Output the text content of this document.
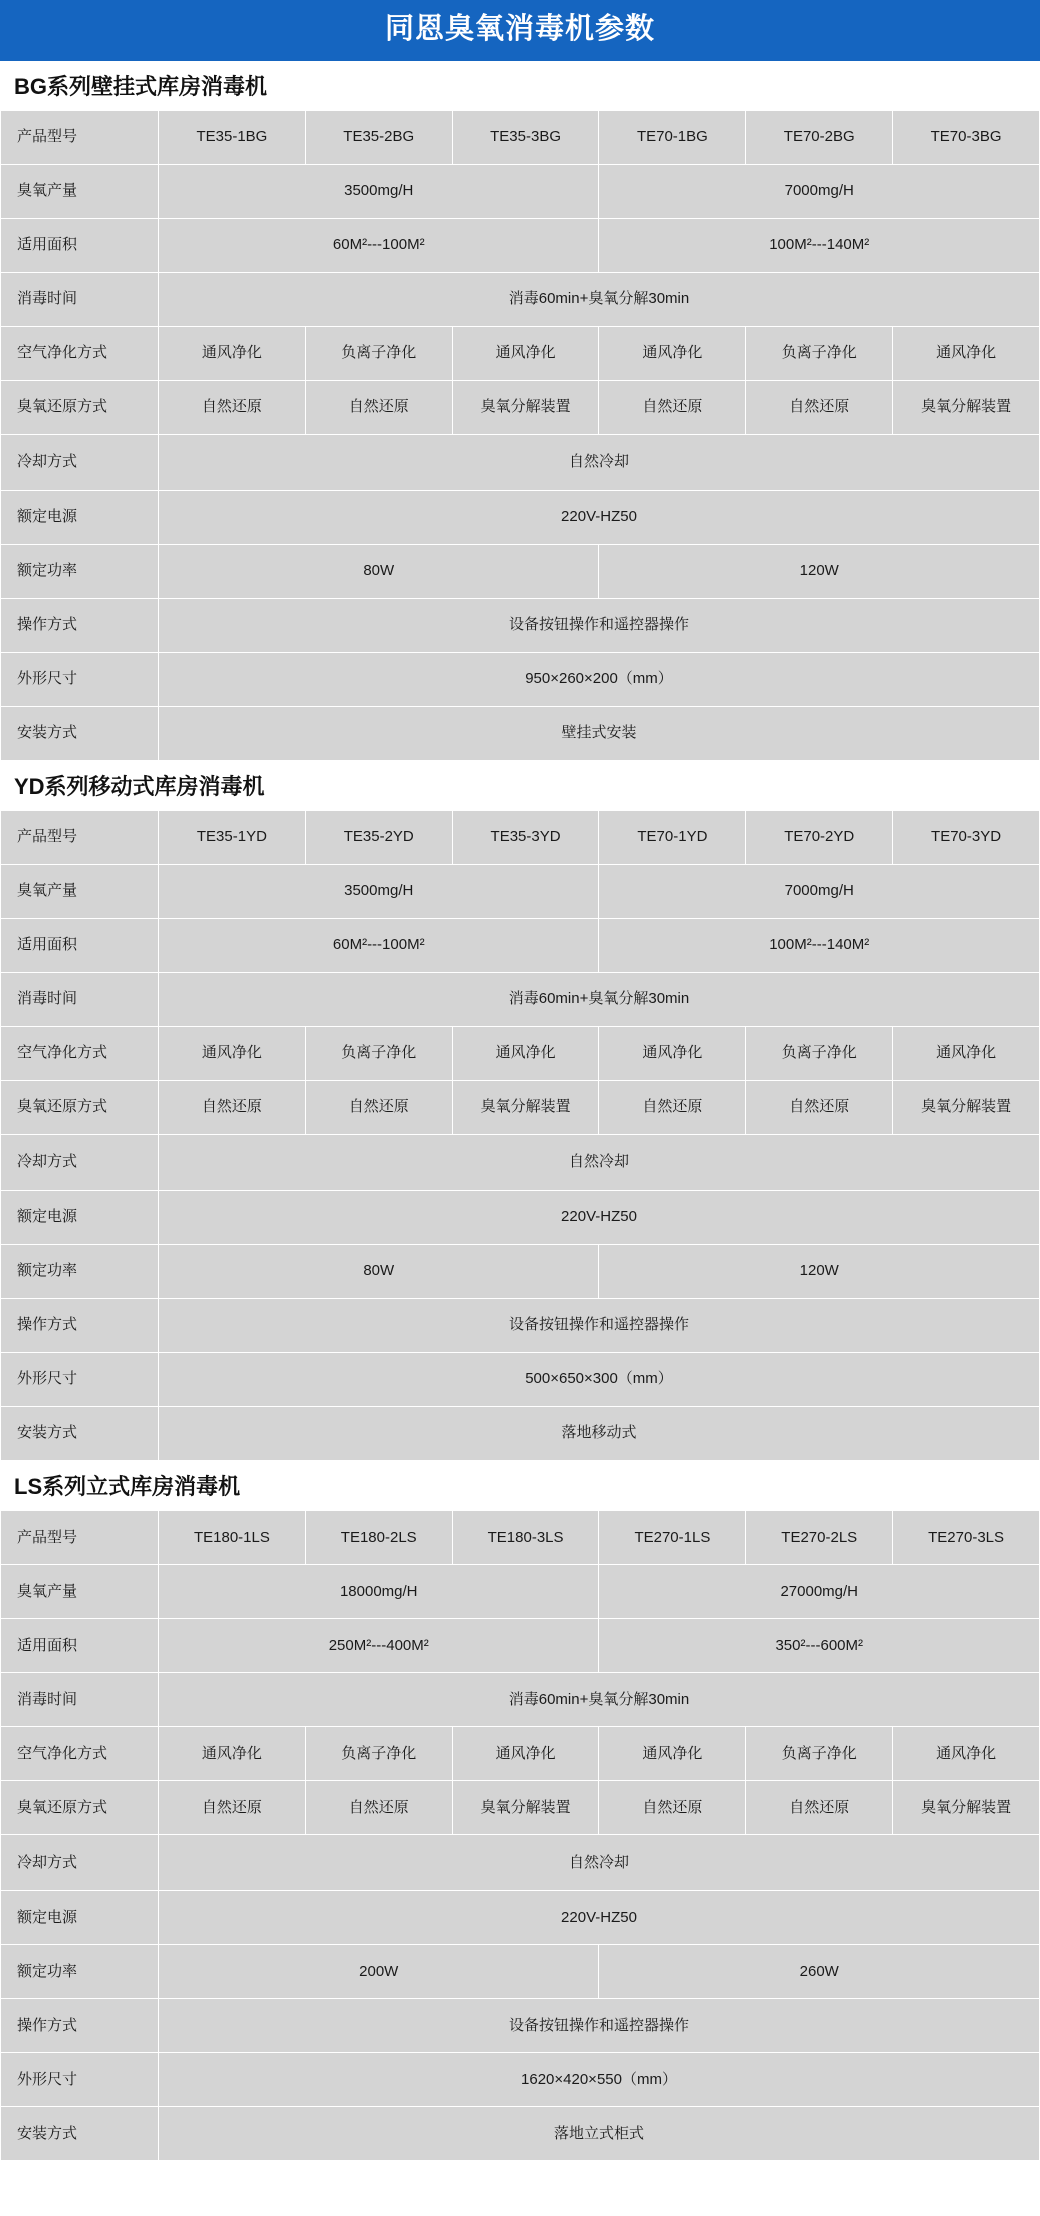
同恩臭氧消毒机参数
BG系列壁挂式库房消毒机
产品型号	TE35-1BG	TE35-2BG	TE35-3BG	TE70-1BG	TE70-2BG	TE70-3BG
臭氧产量	3500mg/H			7000mg/H		
适用面积	60M²---100M²			100M²---140M²		
消毒时间	消毒60min+臭氧分解30min					
空气净化方式	通风净化	负离子净化	通风净化	通风净化	负离子净化	通风净化
臭氧还原方式	自然还原	自然还原	臭氧分解装置	自然还原	自然还原	臭氧分解装置
冷却方式	自然冷却					
额定电源	220V-HZ50					
额定功率	80W			120W		
操作方式	设备按钮操作和遥控器操作					
外形尺寸	950×260×200（mm）					
安装方式	壁挂式安装					
YD系列移动式库房消毒机
产品型号	TE35-1YD	TE35-2YD	TE35-3YD	TE70-1YD	TE70-2YD	TE70-3YD
臭氧产量	3500mg/H			7000mg/H		
适用面积	60M²---100M²			100M²---140M²		
消毒时间	消毒60min+臭氧分解30min					
空气净化方式	通风净化	负离子净化	通风净化	通风净化	负离子净化	通风净化
臭氧还原方式	自然还原	自然还原	臭氧分解装置	自然还原	自然还原	臭氧分解装置
冷却方式	自然冷却					
额定电源	220V-HZ50					
额定功率	80W			120W		
操作方式	设备按钮操作和遥控器操作					
外形尺寸	500×650×300（mm）					
安装方式	落地移动式					
LS系列立式库房消毒机
产品型号	TE180-1LS	TE180-2LS	TE180-3LS	TE270-1LS	TE270-2LS	TE270-3LS
臭氧产量	18000mg/H			27000mg/H		
适用面积	250M²---400M²			350²---600M²		
消毒时间	消毒60min+臭氧分解30min					
空气净化方式	通风净化	负离子净化	通风净化	通风净化	负离子净化	通风净化
臭氧还原方式	自然还原	自然还原	臭氧分解装置	自然还原	自然还原	臭氧分解装置
冷却方式	自然冷却					
额定电源	220V-HZ50					
额定功率	200W			260W		
操作方式	设备按钮操作和遥控器操作					
外形尺寸	1620×420×550（mm）					
安装方式	落地立式柜式					
